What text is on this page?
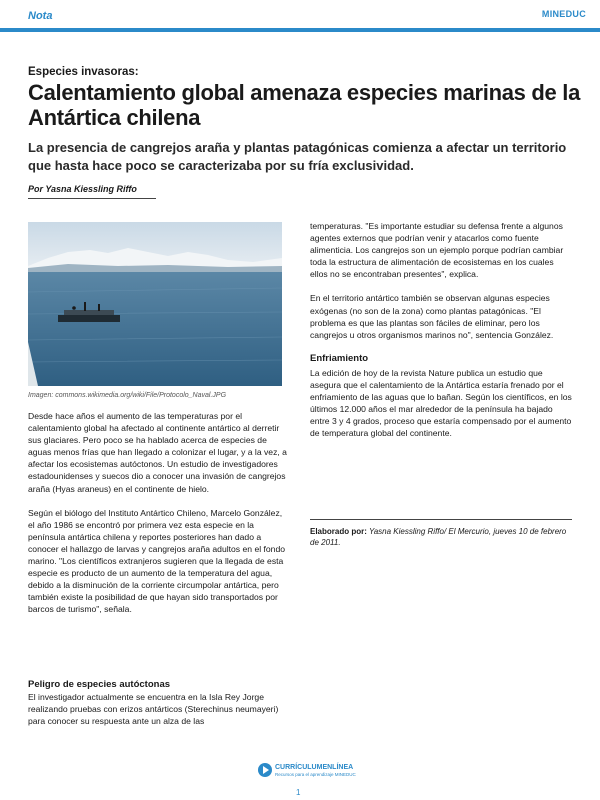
Nota	MINEDUC
Especies invasoras:
Calentamiento global amenaza especies marinas de la Antártica chilena
La presencia de cangrejos araña y plantas patagónicas comienza a afectar un territorio que hasta hace poco se caracterizaba por su fría exclusividad.
Por Yasna Kiessling Riffo
Imagen: commons.wikimedia.org/wiki/File/Protocolo_Naval.JPG

Desde hace años el aumento de las temperaturas por el calentamiento global ha afectado al continente antártico al derretir sus glaciares. Pero poco se ha hablado acerca de especies de aguas menos frías que han llegado a colonizar el lugar, y a la vez, a afectar los ecosistemas autóctonos. Un estudio de investigadores estadounidenses y suecos dio a conocer una invasión de cangrejos araña (Hyas araneus) en el continente de hielo.

Según el biólogo del Instituto Antártico Chileno, Marcelo González, el año 1986 se encontró por primera vez esta especie en la península antártica chilena y reportes posteriores han dado a conocer el hallazgo de larvas y cangrejos araña adultos en el fondo marino. "Los científicos extranjeros sugieren que la llegada de esta especie es producto de un aumento de la temperatura del agua, debido a la disminución de la corriente circumpolar antártica, pero también existe la posibilidad de que hayan sido transportados por barcos de turismo", señala.

Peligro de especies autóctonas

El investigador actualmente se encuentra en la Isla Rey Jorge realizando pruebas con erizos antárticos (Sterechinus neumayeri) para conocer su respuesta ante un alza de las

temperaturas. "Es importante estudiar su defensa frente a algunos agentes externos que podrían venir y atacarlos como fuente alimenticia. Los cangrejos son un ejemplo porque podrían cambiar toda la estructura de alimentación de ecosistemas en los cuales ellos no se encontraban presentes", explica.

En el territorio antártico también se observan algunas especies exógenas (no son de la zona) como plantas patagónicas. "El problema es que las plantas son fáciles de eliminar, pero los cangrejos u otros organismos marinos no", sentencia González.

Enfriamiento

La edición de hoy de la revista Nature publica un estudio que asegura que el calentamiento de la Antártica estaría frenado por el enfriamiento de las aguas que lo bañan. Según los científicos, en los últimos 12.000 años el mar alrededor de la península ha bajado entre 3 y 4 grados, proceso que estaría compensado por el aumento de temperatura global del continente.

Elaborado por: Yasna Kiessling Riffo/ El Mercurio, jueves 10 de febrero de 2011.
CURRÍCULUMENLÍNEA
Recursos para el aprendizaje MINEDUC
1
